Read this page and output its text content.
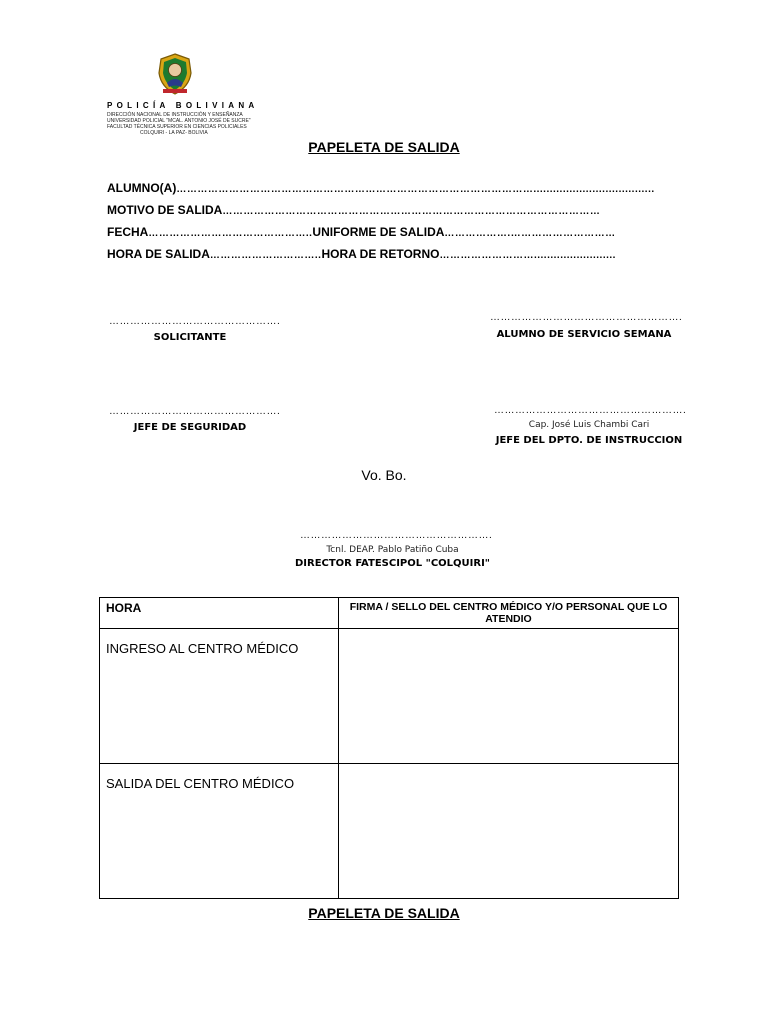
POLICÍA BOLIVIANA
DIRECCIÓN NACIONAL DE INSTRUCCIÓN Y ENSEÑANZA
UNIVERSIDAD POLICIAL "MCAL. ANTONIO JOSÉ DE SUCRE"
FACULTAD TÉCNICA SUPERIOR EN CIENCIAS POLICIALES
COLQUIRI - LA PAZ- BOLIVIA
PAPELETA DE SALIDA
ALUMNO(A)………………………………………………………………………………………….....................................
MOTIVO DE SALIDA………………………………………………………………………………………………
FECHA………………………………………..UNIFORME DE SALIDA……………….…………………………
HORA DE SALIDA…………………………..HORA DE RETORNO……………………….........................
………………………………………….
SOLICITANTE
……………………………………………….
ALUMNO DE SERVICIO SEMANA
………………………………………….
JEFE DE SEGURIDAD
……………………………………………….
Cap. José Luis Chambi Cari
JEFE DEL DPTO. DE INSTRUCCION
Vo. Bo.
……………………………………………….
Tcnl. DEAP. Pablo Patiño Cuba
DIRECTOR FATESCIPOL "COLQUIRI"
HORA	FIRMA / SELLO DEL CENTRO MÉDICO Y/O PERSONAL QUE LO ATENDIO
INGRESO AL CENTRO MÉDICO	
SALIDA DEL CENTRO MÉDICO	
PAPELETA DE SALIDA
